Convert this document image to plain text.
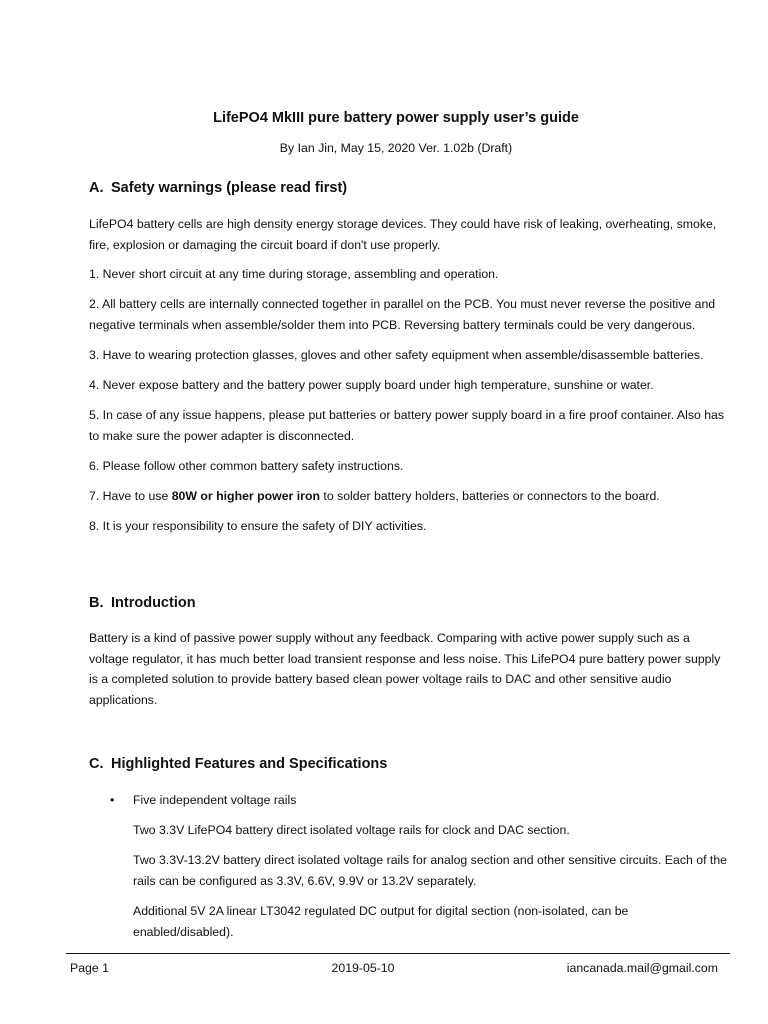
LifePO4 MkIII pure battery power supply user’s guide

By Ian Jin, May 15, 2020 Ver. 1.02b (Draft)

A. Safety warnings (please read first)

LifePO4 battery cells are high density energy storage devices. They could have risk of leaking, overheating, smoke, fire, explosion or damaging the circuit board if don't use properly.

1. Never short circuit at any time during storage, assembling and operation.

2. All battery cells are internally connected together in parallel on the PCB. You must never reverse the positive and negative terminals when assemble/solder them into PCB. Reversing battery terminals could be very dangerous.

3. Have to wearing protection glasses, gloves and other safety equipment when assemble/disassemble batteries.

4. Never expose battery and the battery power supply board under high temperature, sunshine or water.

5. In case of any issue happens, please put batteries or battery power supply board in a fire proof container. Also has to make sure the power adapter is disconnected.

6. Please follow other common battery safety instructions.

7. Have to use 80W or higher power iron to solder battery holders, batteries or connectors to the board.

8. It is your responsibility to ensure the safety of DIY activities.

B. Introduction

Battery is a kind of passive power supply without any feedback. Comparing with active power supply such as a voltage regulator, it has much better load transient response and less noise. This LifePO4 pure battery power supply is a completed solution to provide battery based clean power voltage rails to DAC and other sensitive audio applications.

C. Highlighted Features and Specifications
• Five independent voltage rails

Two 3.3V LifePO4 battery direct isolated voltage rails for clock and DAC section.

Two 3.3V-13.2V battery direct isolated voltage rails for analog section and other sensitive circuits. Each of the rails can be configured as 3.3V, 6.6V, 9.9V or 13.2V separately.

Additional 5V 2A linear LT3042 regulated DC output for digital section (non-isolated, can be enabled/disabled).

Page 1	2019-05-10	iancanada.mail@gmail.com
